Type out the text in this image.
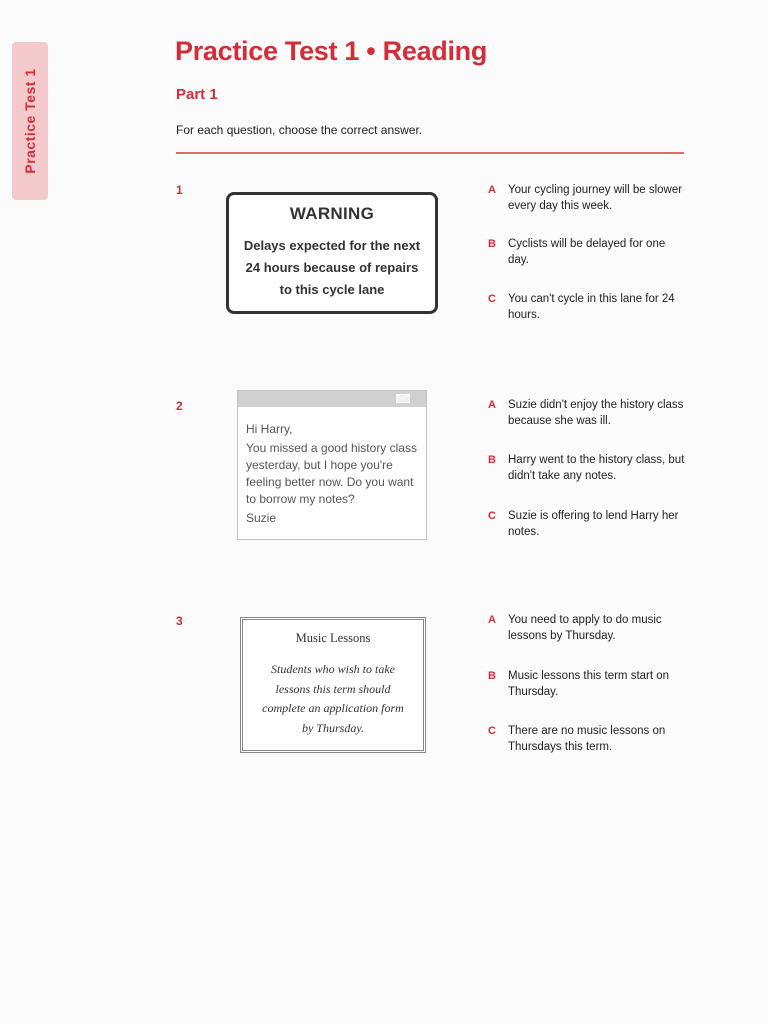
Practice Test 1
Practice Test 1 • Reading
Part 1
For each question, choose the correct answer.
1
WARNING
Delays expected for the next 24 hours because of repairs to this cycle lane
A Your cycling journey will be slower every day this week.
B Cyclists will be delayed for one day.
C You can't cycle in this lane for 24 hours.
2
Hi Harry,
You missed a good history class yesterday, but I hope you're feeling better now. Do you want to borrow my notes?
Suzie
A Suzie didn't enjoy the history class because she was ill.
B Harry went to the history class, but didn't take any notes.
C Suzie is offering to lend Harry her notes.
3
Music Lessons
Students who wish to take lessons this term should complete an application form by Thursday.
A You need to apply to do music lessons by Thursday.
B Music lessons this term start on Thursday.
C There are no music lessons on Thursdays this term.
